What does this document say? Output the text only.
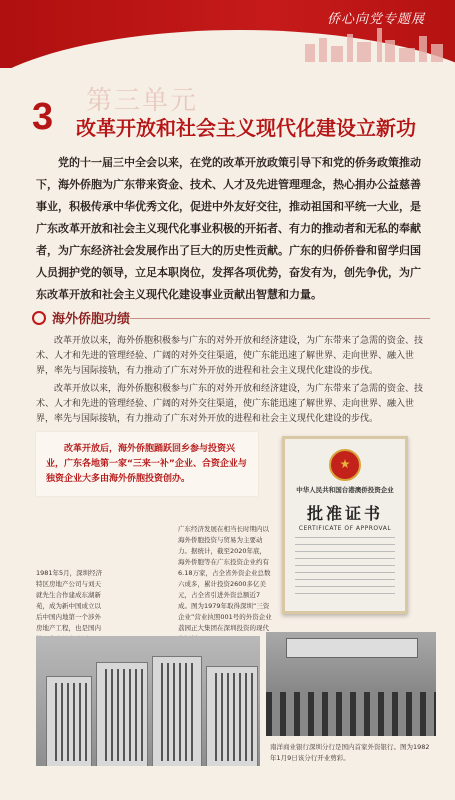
侨心向党专题展
第三单元
3 改革开放和社会主义现代化建设立新功
党的十一届三中全会以来，在党的改革开放政策引导下和党的侨务政策推动下，海外侨胞为广东带来资金、技术、人才及先进管理理念，热心捐办公益慈善事业，积极传承中华优秀文化，促进中外友好交往，推动祖国和平统一大业，是广东改革开放和社会主义现代化事业积极的开拓者、有力的推动者和无私的奉献者，为广东经济社会发展作出了巨大的历史性贡献。广东的归侨侨眷和留学归国人员拥护党的领导，立足本职岗位，发挥各项优势，奋发有为，创先争优，为广东改革开放和社会主义现代化建设事业贡献出智慧和力量。
海外侨胞功绩
改革开放以来，海外侨胞积极参与广东的对外开放和经济建设，为广东带来了急需的资金、技术、人才和先进的管理经验、广阔的对外交往渠道，使广东能迅速了解世界、走向世界、融入世界，率先与国际接轨，有力推动了广东对外开放的进程和社会主义现代化建设的步伐。
改革开放以来，海外侨胞积极参与广东的对外开放和经济建设，为广东带来了急需的资金、技术、人才和先进的管理经验、广阔的对外交往渠道，使广东能迅速了解世界、走向世界、融入世界，率先与国际接轨，有力推动了广东对外开放的进程和社会主义现代化建设的步伐。
改革开放后，海外侨胞踊跃回乡参与投资兴业，广东各地第一家“三来一补”企业、合资企业与独资企业大多由海外侨胞投资创办。
中华人民共和国台港澳侨投资企业
批准证书
CERTIFICATE OF APPROVAL
广东经济发展在相当长时期内以海外侨胞投资与贸易为主要动力。据统计，截至2020年底，海外侨胞等在广东投资企业约有6.18万家，占全省外资企业总数六成多，累计投资2600多亿美元，占全省引进外资总额近7成。图为1979年取得深圳“三资企业”营业执照001号的外资企业荔园正大集团在深圳投资的现代
1981年5月，深圳经济特区房地产公司与刘天就先生合作建成东湖新苑，成为新中国成立以后中国内地第一个涉外房地产工程，也是国内
南洋商业银行深圳分行是国内首家外资银行。图为1982年1月9日该分行开业剪彩。
